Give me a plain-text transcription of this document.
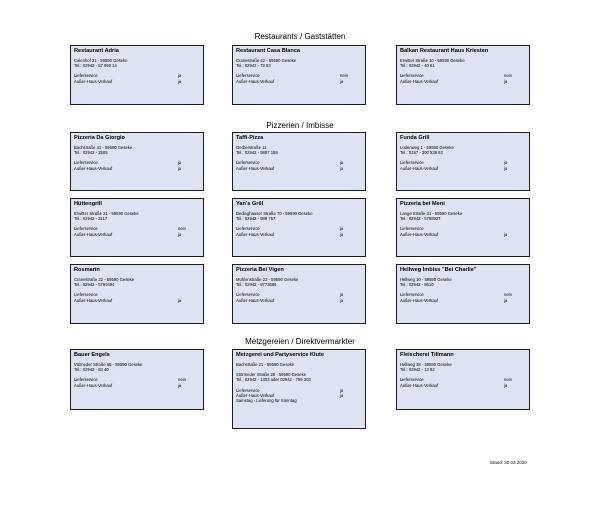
Restaurants / Gaststätten
Pizzerien / Imbisse
Metzgereien / Direktvermarkter
Restaurant Adria
Calenhof 31 - 59590 Geseke
Tel.: 02942 - 57 990 14
Lieferservice	ja
Außer-Haus-Verkauf	ja
Restaurant Casa Blanca
Cranestraße 42 - 59590 Geseke
Tel.: 02942 - 73 83
Lieferservice	nein
Außer-Haus-Verkauf	ja
Balkan Restaurant Haus Kriesten
Erwitter Straße 10 - 59590 Geseke
Tel.: 02942 - 40 61
Lieferservice	nein
Außer-Haus-Verkauf	ja
Pizzeria Da Giorgio
Bachstraße 41 - 59590 Geseke
Tel.: 02942 - 2505
Lieferservice	ja
Außer-Haus-Verkauf	ja
Taffi-Pizza
Gerberstraße 11
Tel.: 02942 - 9887 188
Lieferservice	ja
Außer-Haus-Verkauf	ja
Funda Grill
Lüdenweg 1 - 59590 Geseke
Tel.: 0157 - 300 538 93
Lieferservice	ja
Außer-Haus-Verkauf	ja
Hüttengrill
Erwitter Straße 21 - 59590 Geseke
Tel.: 02942 - 3117
Lieferservice	nein
Außer-Haus-Verkauf	ja
Yan's Grill
Dedinghauser Straße 70 - 59590 Geseke
Tel.: 02942 - 988 757
Lieferservice	ja
Außer-Haus-Verkauf	ja
Pizzeria bei Meni
Lange Straße 31 - 59590 Geseke
Tel.: 02942 - 5798927
Lieferservice
Außer-Haus-Verkauf	ja
Rosmarin
Cranestraße 22 - 59590 Geseke
Tel.: 02942 - 5799494
Lieferservice
Außer-Haus-Verkauf	ja
Pizzeria Bei Vigen
Mühlenstraße 22 - 59590 Geseke
Tel.: 02942 - 9773686
Lieferservice	ja
Außer-Haus-Verkauf	ja
Hellweg Imbiss "Bei Charlie"
Hellweg 10 - 59590 Geseke
Tel.: 02942 - 8610
Lieferservice	nein
Außer-Haus-Verkauf	ja
Bauer Engels
Völmeder Straße 65 - 59590 Geseke
Tel.: 02942 - 84 40
Lieferservice	nein
Außer-Haus-Verkauf	ja
Metzgerei und Partyservice Klute
Bachstraße 21 - 59590 Geseke
Störmeder Straße 29 - 59590 Geseke
Tel.: 02942 - 1303 oder 02942 - 799 303
Lieferservice	ja
Außer-Haus-Verkauf	ja
Samstag - Lieferung für Sonntag
Fleischerei Tillmann
Hellweg 38 - 59590 Geseke
Tel.: 02942 - 13 92
Lieferservice	nein
Außer-Haus-Verkauf	ja
Stand: 30.03.2020
